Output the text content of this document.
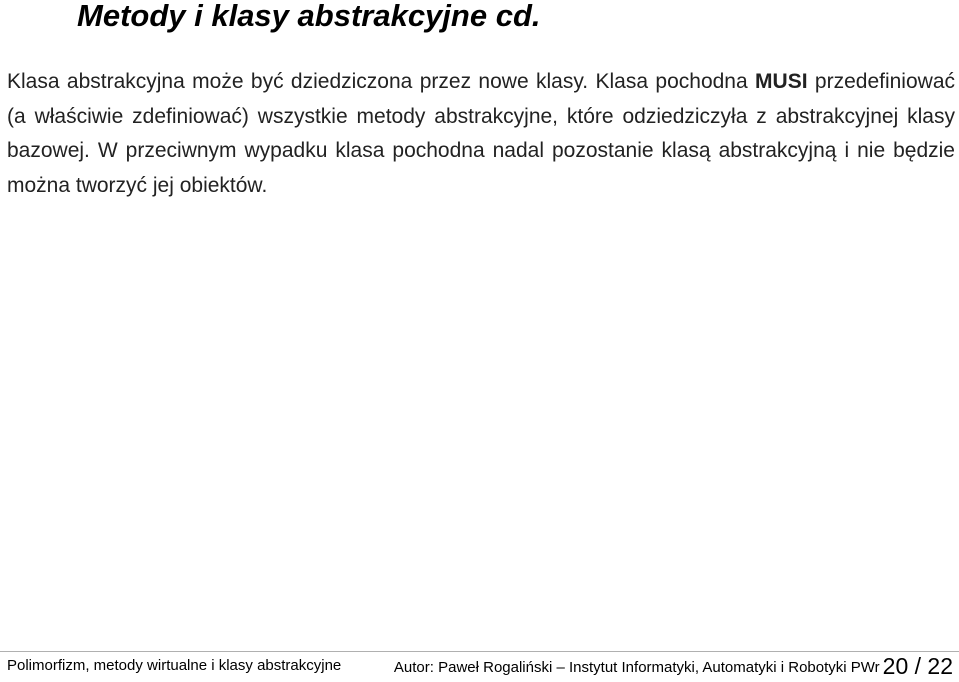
Metody i klasy abstrakcyjne cd.

Klasa abstrakcyjna może być dziedziczona przez nowe klasy. Klasa pochodna MUSI przedefiniować (a właściwie zdefiniować) wszystkie metody abstrakcyjne, które odziedziczyła z abstrakcyjnej klasy bazowej. W przeciwnym wypadku klasa pochodna nadal pozostanie klasą abstrakcyjną i nie będzie można tworzyć jej obiektów.

Polimorfizm, metody wirtualne i klasy abstrakcyjne	Autor: Paweł Rogaliński – Instytut Informatyki, Automatyki i Robotyki PWr 20 / 22
